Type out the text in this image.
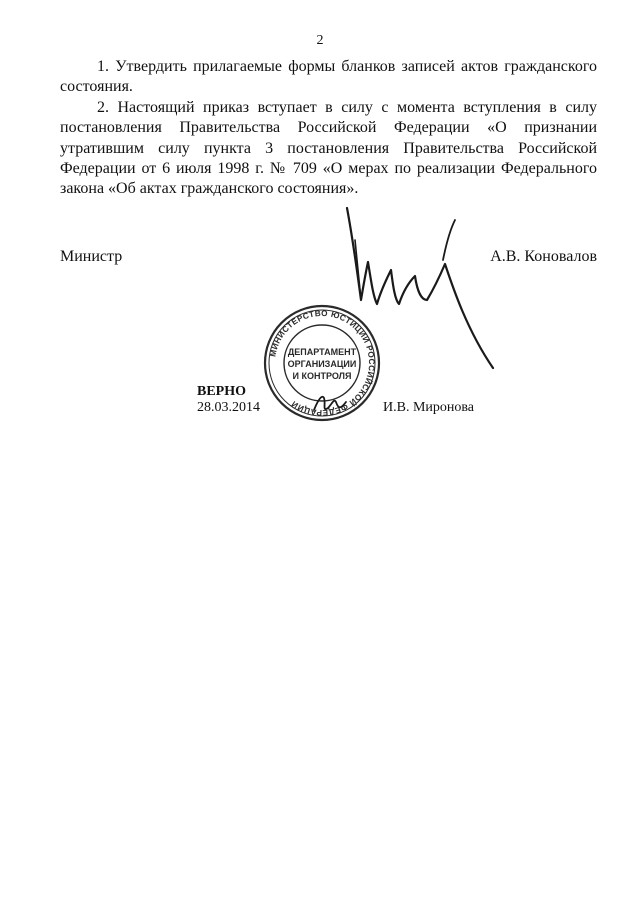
2

1. Утвердить прилагаемые формы бланков записей актов гражданского состояния.

2. Настоящий приказ вступает в силу с момента вступления в силу постановления Правительства Российской Федерации «О признании утратившим силу пункта 3 постановления Правительства Российской Федерации от 6 июля 1998 г. № 709 «О мерах по реализации Федерального закона «Об актах гражданского состояния».

Министр	А.В. Коновалов
МИНИСТЕРСТВО ЮСТИЦИИ РОССИЙСКОЙ ФЕДЕРАЦИИ
ДЕПАРТАМЕНТ
ОРГАНИЗАЦИИ
И КОНТРОЛЯ
ВЕРНО
28.03.2014	И.В. Миронова
